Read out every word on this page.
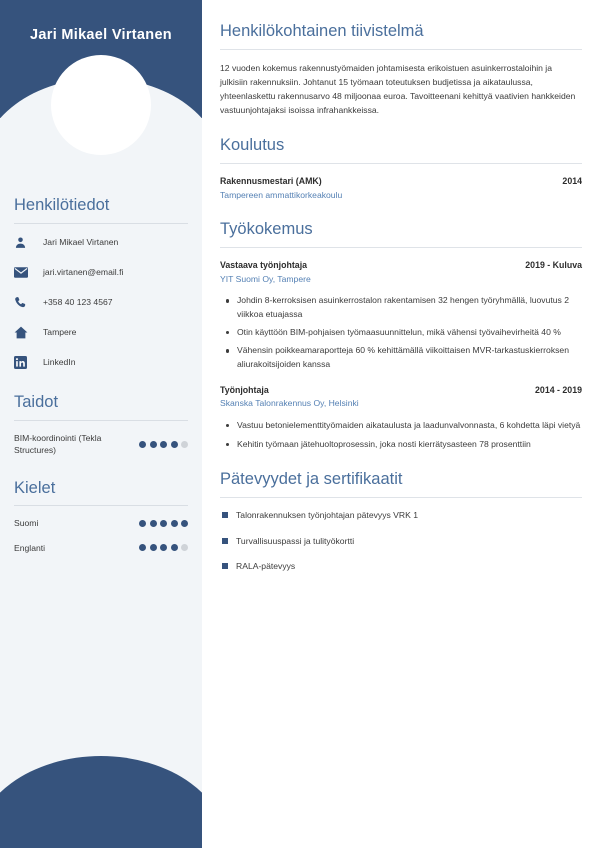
Jari Mikael Virtanen
Henkilötiedot
Jari Mikael Virtanen
jari.virtanen@email.fi
+358 40 123 4567
Tampere
LinkedIn
Taidot
BIM-koordinointi (Tekla Structures)
Kielet
Suomi
Englanti
Henkilökohtainen tiivistelmä

12 vuoden kokemus rakennustyömaiden johtamisesta erikoistuen asuinkerrostaloihin ja julkisiin rakennuksiin. Johtanut 15 työmaan toteutuksen budjetissa ja aikataulussa, yhteenlaskettu rakennusarvo 48 miljoonaa euroa. Tavoitteenani kehittyä vaativien hankkeiden vastuunjohtajaksi isoissa infrahankkeissa.

Koulutus
Rakennusmestari (AMK)	2014
Tampereen ammattikorkeakoulu
Työkokemus
Vastaava työnjohtaja	2019 - Kuluva
YIT Suomi Oy, Tampere
Johdin 8-kerroksisen asuinkerrostalon rakentamisen 32 hengen työryhmällä, luovutus 2 viikkoa etuajassa
Otin käyttöön BIM-pohjaisen työmaasuunnittelun, mikä vähensi työvaihevirheitä 40 %
Vähensin poikkeamaraportteja 60 % kehittämällä viikoittaisen MVR-tarkastuskierroksen aliurakoitsijoiden kanssa
Työnjohtaja	2014 - 2019
Skanska Talonrakennus Oy, Helsinki
Vastuu betonielementtityömaiden aikataulusta ja laadunvalvonnasta, 6 kohdetta läpi vietyä
Kehitin työmaan jätehuoltoprosessin, joka nosti kierrätysasteen 78 prosenttiin
Pätevyydet ja sertifikaatit
Talonrakennuksen työnjohtajan pätevyys VRK 1
Turvallisuuspassi ja tulityökortti
RALA-pätevyys
